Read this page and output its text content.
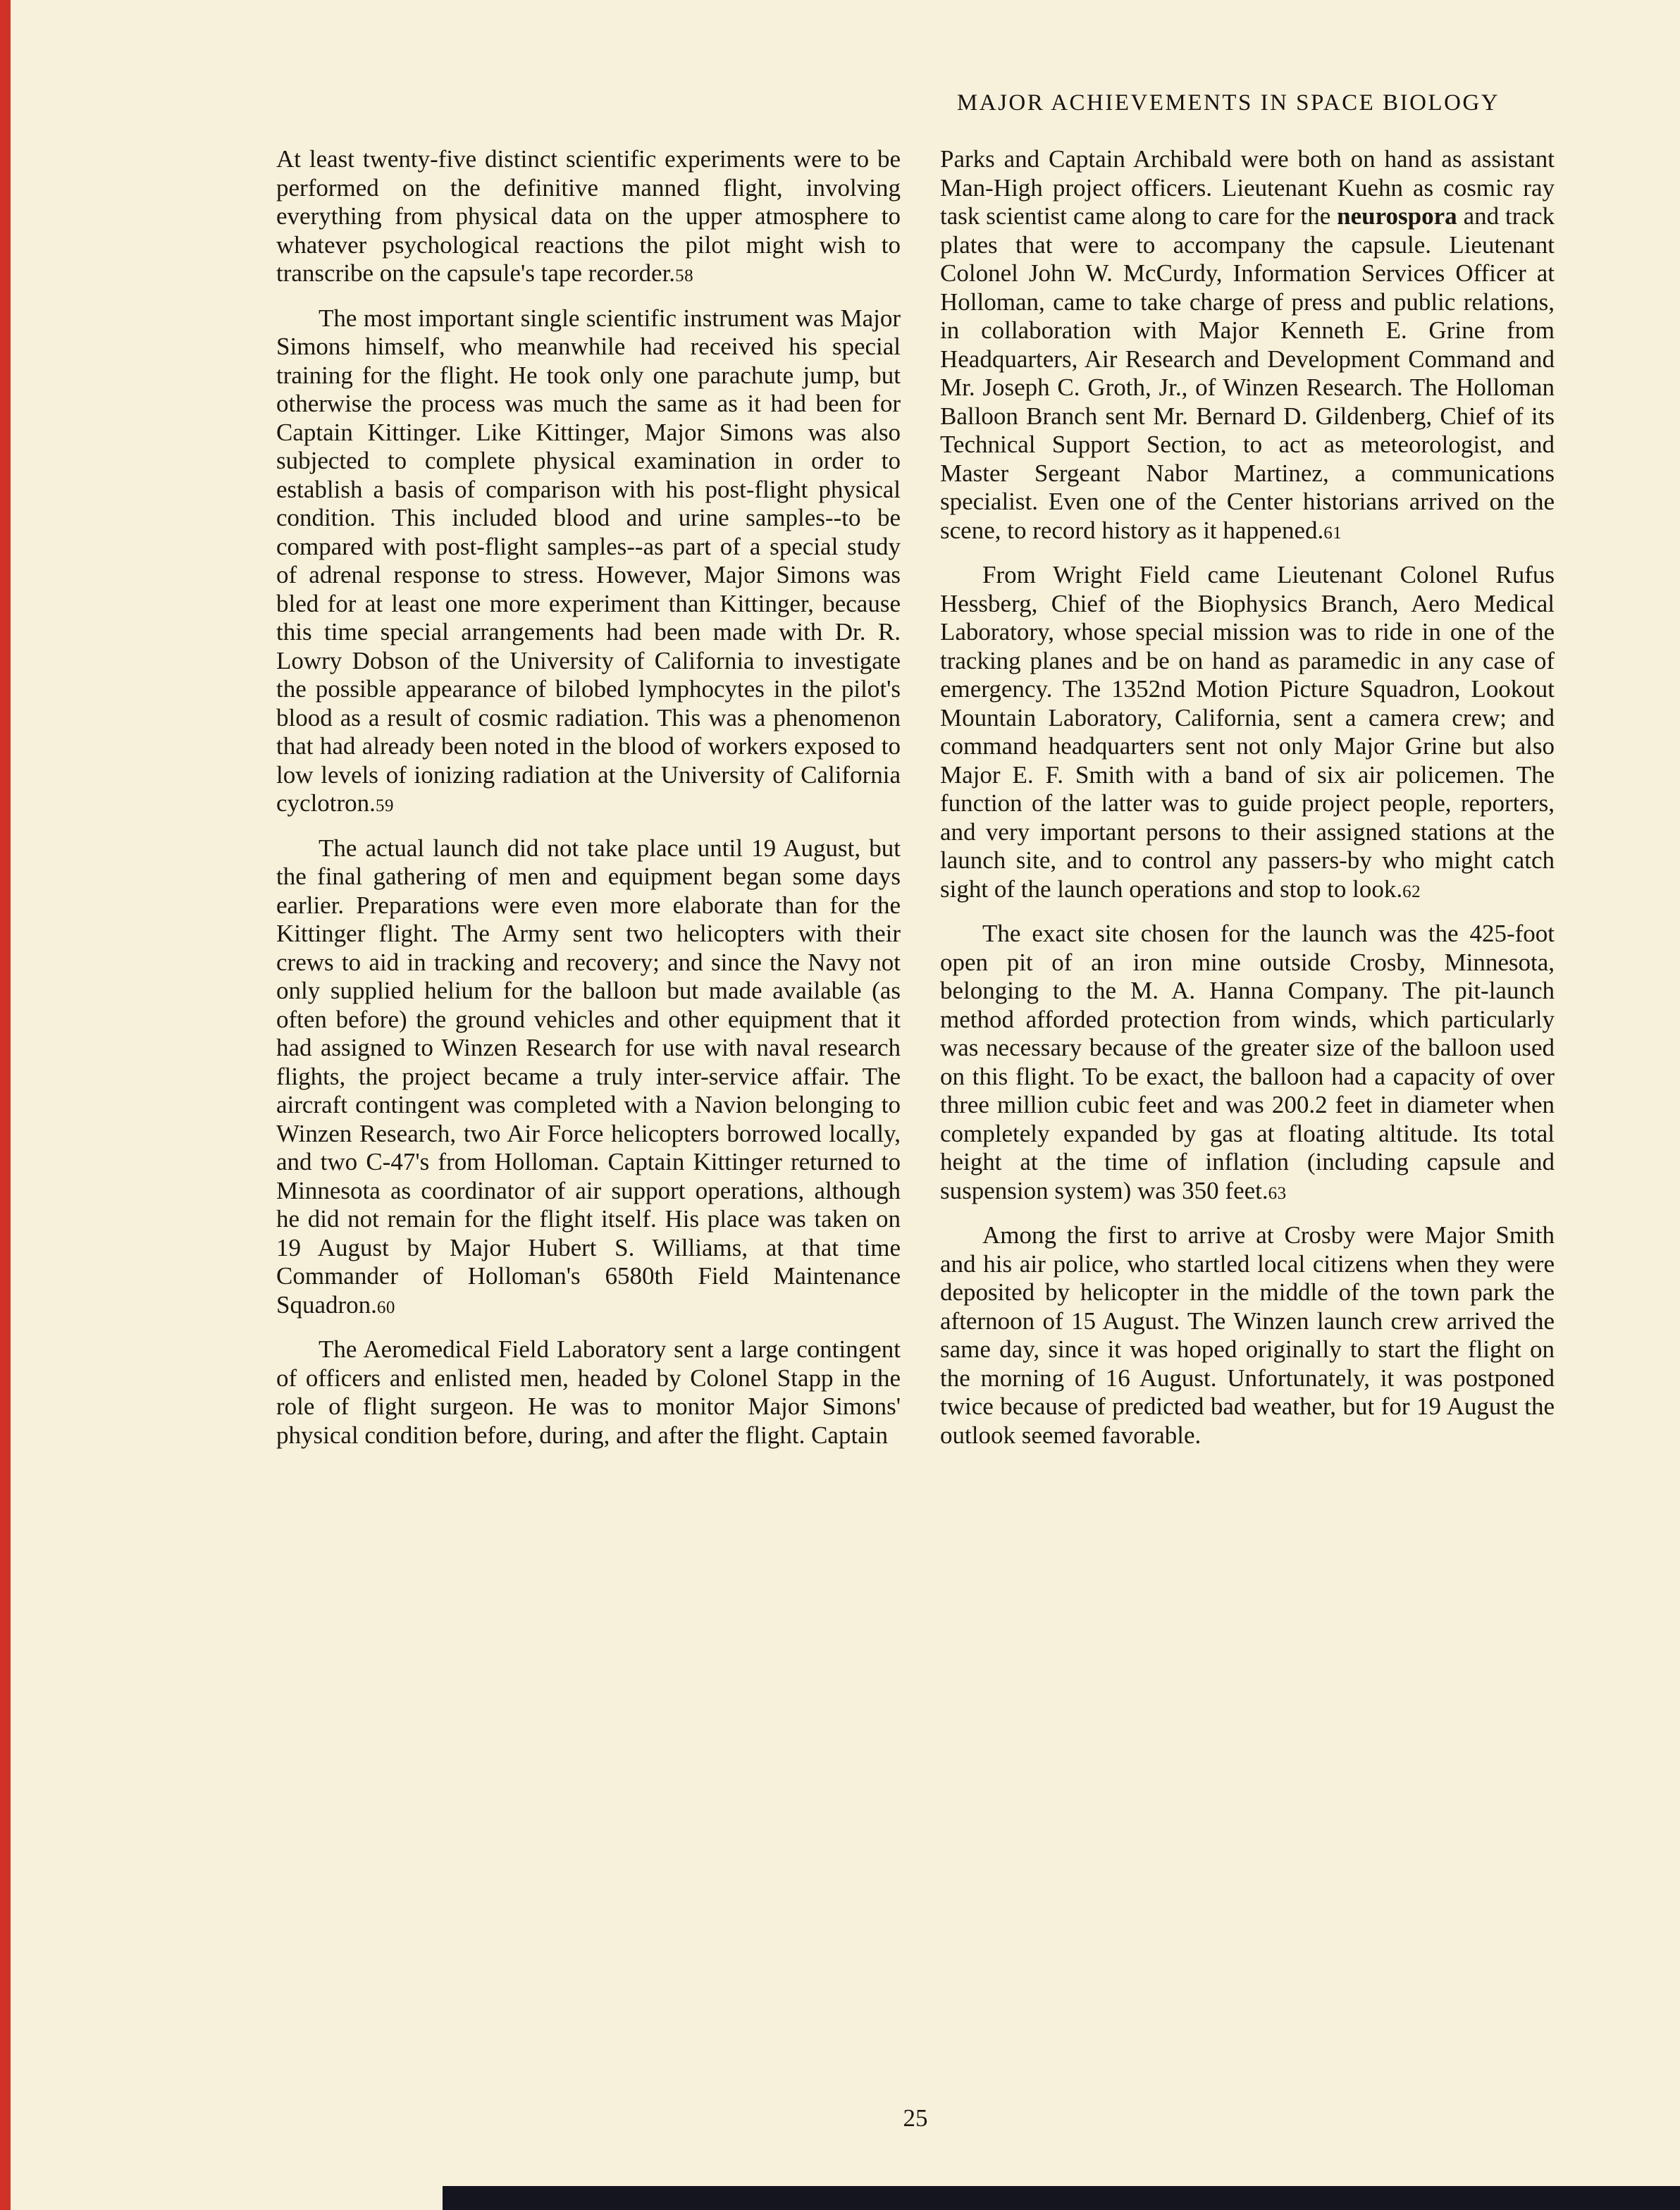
MAJOR ACHIEVEMENTS IN SPACE BIOLOGY

At least twenty-five distinct scientific experiments were to be performed on the definitive manned flight, involving everything from physical data on the upper atmosphere to whatever psychological reactions the pilot might wish to transcribe on the capsule's tape recorder.58

The most important single scientific instrument was Major Simons himself, who meanwhile had received his special training for the flight. He took only one parachute jump, but otherwise the process was much the same as it had been for Captain Kittinger. Like Kittinger, Major Simons was also subjected to complete physical examination in order to establish a basis of comparison with his post-flight physical condition. This included blood and urine samples--to be compared with post-flight samples--as part of a special study of adrenal response to stress. However, Major Simons was bled for at least one more experiment than Kittinger, because this time special arrangements had been made with Dr. R. Lowry Dobson of the University of California to investigate the possible appearance of bilobed lymphocytes in the pilot's blood as a result of cosmic radiation. This was a phenomenon that had already been noted in the blood of workers exposed to low levels of ionizing radiation at the University of California cyclotron.59

The actual launch did not take place until 19 August, but the final gathering of men and equipment began some days earlier. Preparations were even more elaborate than for the Kittinger flight. The Army sent two helicopters with their crews to aid in tracking and recovery; and since the Navy not only supplied helium for the balloon but made available (as often before) the ground vehicles and other equipment that it had assigned to Winzen Research for use with naval research flights, the project became a truly inter-service affair. The aircraft contingent was completed with a Navion belonging to Winzen Research, two Air Force helicopters borrowed locally, and two C-47's from Holloman. Captain Kittinger returned to Minnesota as coordinator of air support operations, although he did not remain for the flight itself. His place was taken on 19 August by Major Hubert S. Williams, at that time Commander of Holloman's 6580th Field Maintenance Squadron.60

The Aeromedical Field Laboratory sent a large contingent of officers and enlisted men, headed by Colonel Stapp in the role of flight surgeon. He was to monitor Major Simons' physical condition before, during, and after the flight. Captain

Parks and Captain Archibald were both on hand as assistant Man-High project officers. Lieutenant Kuehn as cosmic ray task scientist came along to care for the neurospora and track plates that were to accompany the capsule. Lieutenant Colonel John W. McCurdy, Information Services Officer at Holloman, came to take charge of press and public relations, in collaboration with Major Kenneth E. Grine from Headquarters, Air Research and Development Command and Mr. Joseph C. Groth, Jr., of Winzen Research. The Holloman Balloon Branch sent Mr. Bernard D. Gildenberg, Chief of its Technical Support Section, to act as meteorologist, and Master Sergeant Nabor Martinez, a communications specialist. Even one of the Center historians arrived on the scene, to record history as it happened.61

From Wright Field came Lieutenant Colonel Rufus Hessberg, Chief of the Biophysics Branch, Aero Medical Laboratory, whose special mission was to ride in one of the tracking planes and be on hand as paramedic in any case of emergency. The 1352nd Motion Picture Squadron, Lookout Mountain Laboratory, California, sent a camera crew; and command headquarters sent not only Major Grine but also Major E. F. Smith with a band of six air policemen. The function of the latter was to guide project people, reporters, and very important persons to their assigned stations at the launch site, and to control any passers-by who might catch sight of the launch operations and stop to look.62

The exact site chosen for the launch was the 425-foot open pit of an iron mine outside Crosby, Minnesota, belonging to the M. A. Hanna Company. The pit-launch method afforded protection from winds, which particularly was necessary because of the greater size of the balloon used on this flight. To be exact, the balloon had a capacity of over three million cubic feet and was 200.2 feet in diameter when completely expanded by gas at floating altitude. Its total height at the time of inflation (including capsule and suspension system) was 350 feet.63

Among the first to arrive at Crosby were Major Smith and his air police, who startled local citizens when they were deposited by helicopter in the middle of the town park the afternoon of 15 August. The Winzen launch crew arrived the same day, since it was hoped originally to start the flight on the morning of 16 August. Unfortunately, it was postponed twice because of predicted bad weather, but for 19 August the outlook seemed favorable.

25
